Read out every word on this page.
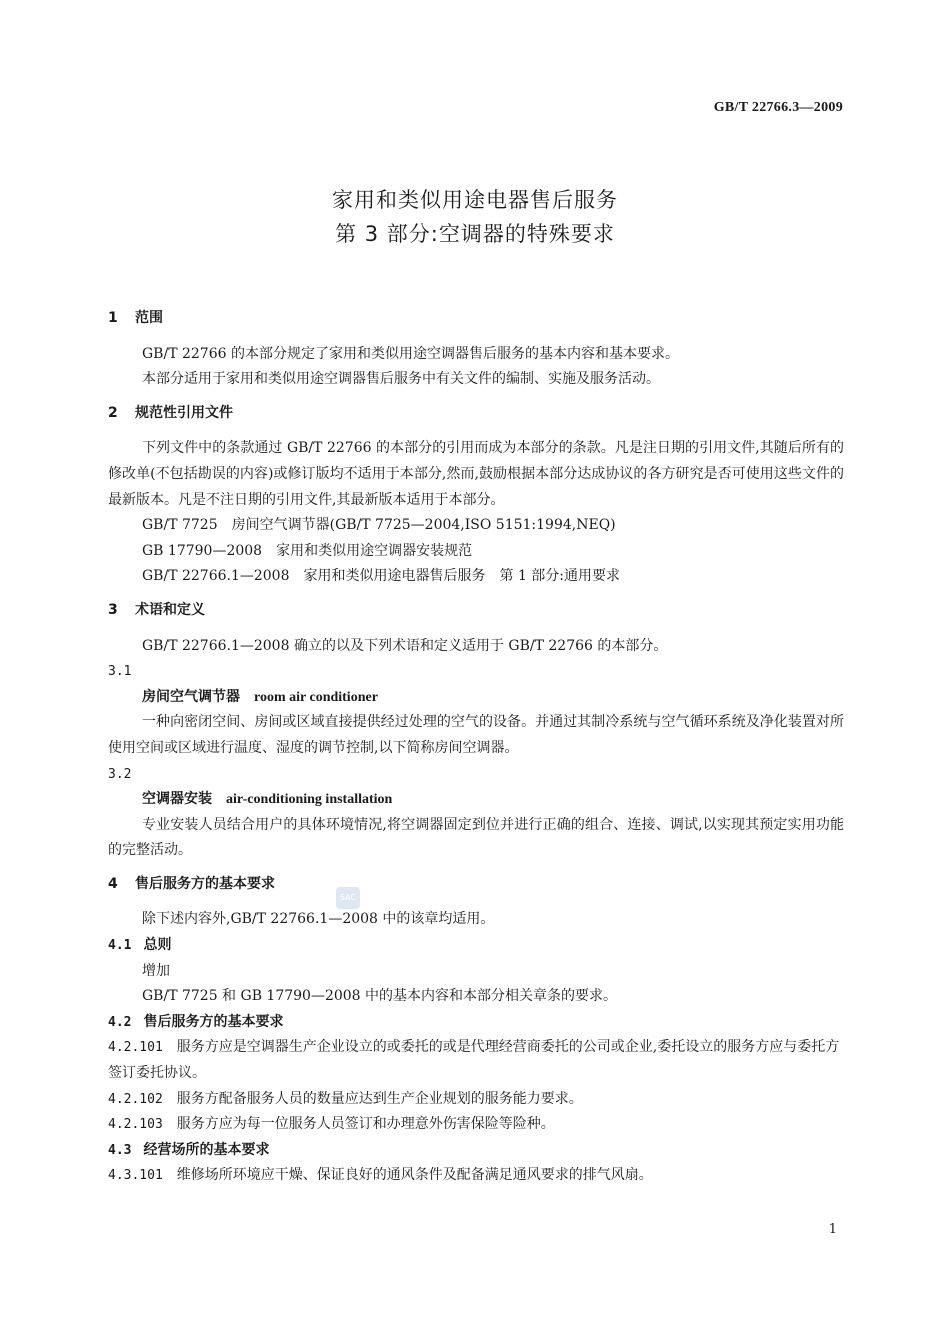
GB/T 22766.3—2009
家用和类似用途电器售后服务
第 3 部分:空调器的特殊要求

1 范围

GB/T 22766 的本部分规定了家用和类似用途空调器售后服务的基本内容和基本要求。

本部分适用于家用和类似用途空调器售后服务中有关文件的编制、实施及服务活动。

2 规范性引用文件

下列文件中的条款通过 GB/T 22766 的本部分的引用而成为本部分的条款。凡是注日期的引用文件,其随后所有的修改单(不包括勘误的内容)或修订版均不适用于本部分,然而,鼓励根据本部分达成协议的各方研究是否可使用这些文件的最新版本。凡是不注日期的引用文件,其最新版本适用于本部分。

GB/T 7725　房间空气调节器(GB/T 7725—2004,ISO 5151:1994,NEQ)

GB 17790—2008　家用和类似用途空调器安装规范

GB/T 22766.1—2008　家用和类似用途电器售后服务　第 1 部分:通用要求

3 术语和定义

GB/T 22766.1—2008 确立的以及下列术语和定义适用于 GB/T 22766 的本部分。

3.1

房间空气调节器 room air conditioner

一种向密闭空间、房间或区域直接提供经过处理的空气的设备。并通过其制冷系统与空气循环系统及净化装置对所使用空间或区域进行温度、湿度的调节控制,以下简称房间空调器。

3.2

空调器安装 air-conditioning installation

专业安装人员结合用户的具体环境情况,将空调器固定到位并进行正确的组合、连接、调试,以实现其预定实用功能的完整活动。

4 售后服务方的基本要求

除下述内容外,GB/T 22766.1—2008 中的该章均适用。

4.1 总则

增加

GB/T 7725 和 GB 17790—2008 中的基本内容和本部分相关章条的要求。

4.2 售后服务方的基本要求

4.2.101 服务方应是空调器生产企业设立的或委托的或是代理经营商委托的公司或企业,委托设立的服务方应与委托方签订委托协议。

4.2.102 服务方配备服务人员的数量应达到生产企业规划的服务能力要求。

4.2.103 服务方应为每一位服务人员签订和办理意外伤害保险等险种。

4.3 经营场所的基本要求

4.3.101 维修场所环境应干燥、保证良好的通风条件及配备满足通风要求的排气风扇。

SAC
1
